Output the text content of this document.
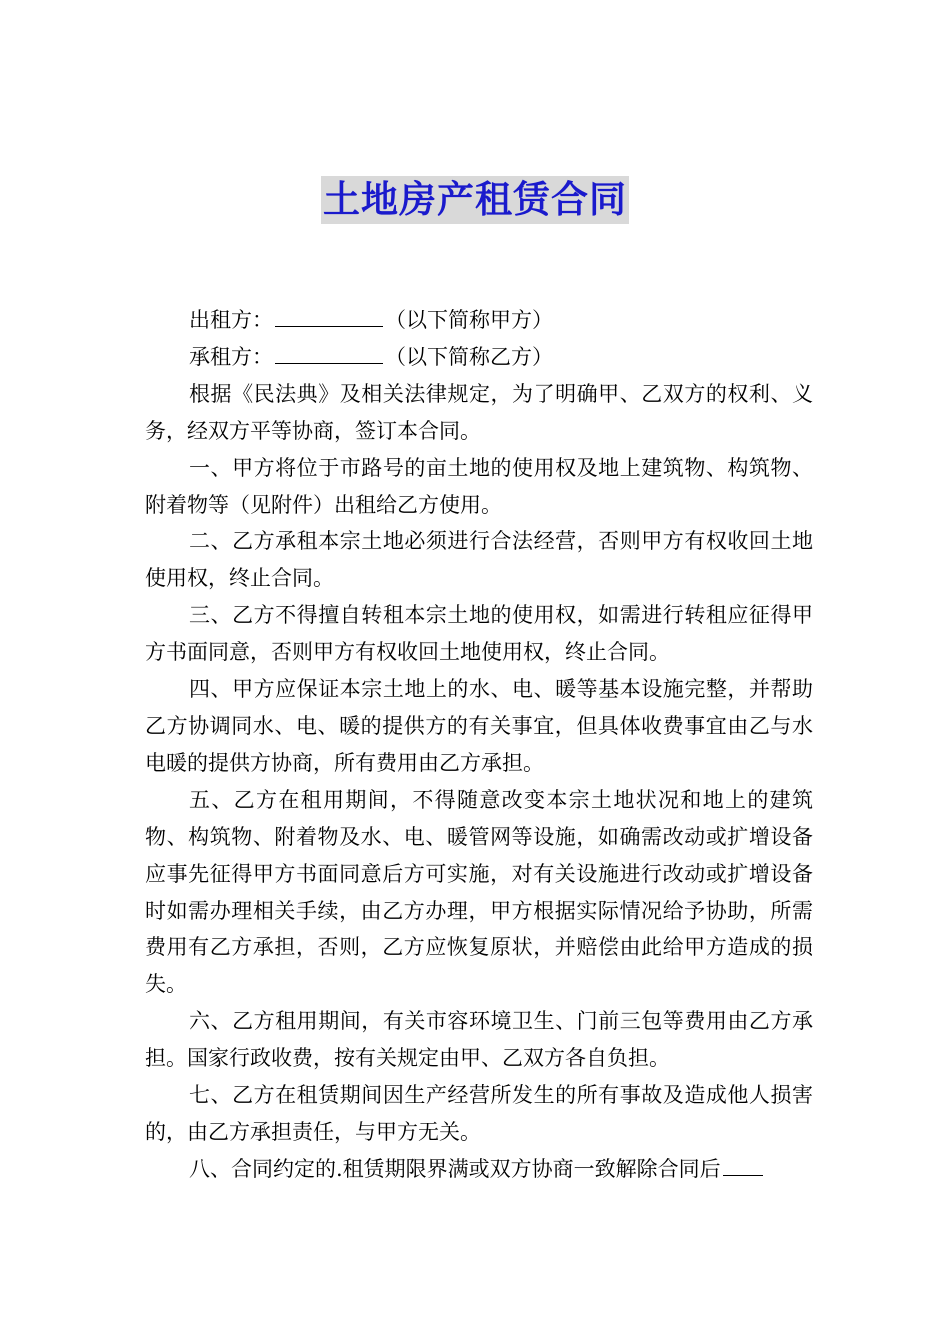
土地房产租赁合同

出租方：	（以下简称甲方）

承租方：	（以下简称乙方）

根据《民法典》及相关法律规定，为了明确甲、乙双方的权利、义务，经双方平等协商，签订本合同。

一、甲方将位于市路号的亩土地的使用权及地上建筑物、构筑物、附着物等（见附件）出租给乙方使用。

二、乙方承租本宗土地必须进行合法经营，否则甲方有权收回土地使用权，终止合同。

三、乙方不得擅自转租本宗土地的使用权，如需进行转租应征得甲方书面同意，否则甲方有权收回土地使用权，终止合同。

四、甲方应保证本宗土地上的水、电、暖等基本设施完整，并帮助乙方协调同水、电、暖的提供方的有关事宜，但具体收费事宜由乙与水电暖的提供方协商，所有费用由乙方承担。

五、乙方在租用期间，不得随意改变本宗土地状况和地上的建筑物、构筑物、附着物及水、电、暖管网等设施，如确需改动或扩增设备应事先征得甲方书面同意后方可实施，对有关设施进行改动或扩增设备时如需办理相关手续，由乙方办理，甲方根据实际情况给予协助，所需费用有乙方承担，否则，乙方应恢复原状，并赔偿由此给甲方造成的损失。

六、乙方租用期间，有关市容环境卫生、门前三包等费用由乙方承担。国家行政收费，按有关规定由甲、乙双方各自负担。

七、乙方在租赁期间因生产经营所发生的所有事故及造成他人损害的，由乙方承担责任，与甲方无关。

八、合同约定的.租赁期限界满或双方协商一致解除合同后
